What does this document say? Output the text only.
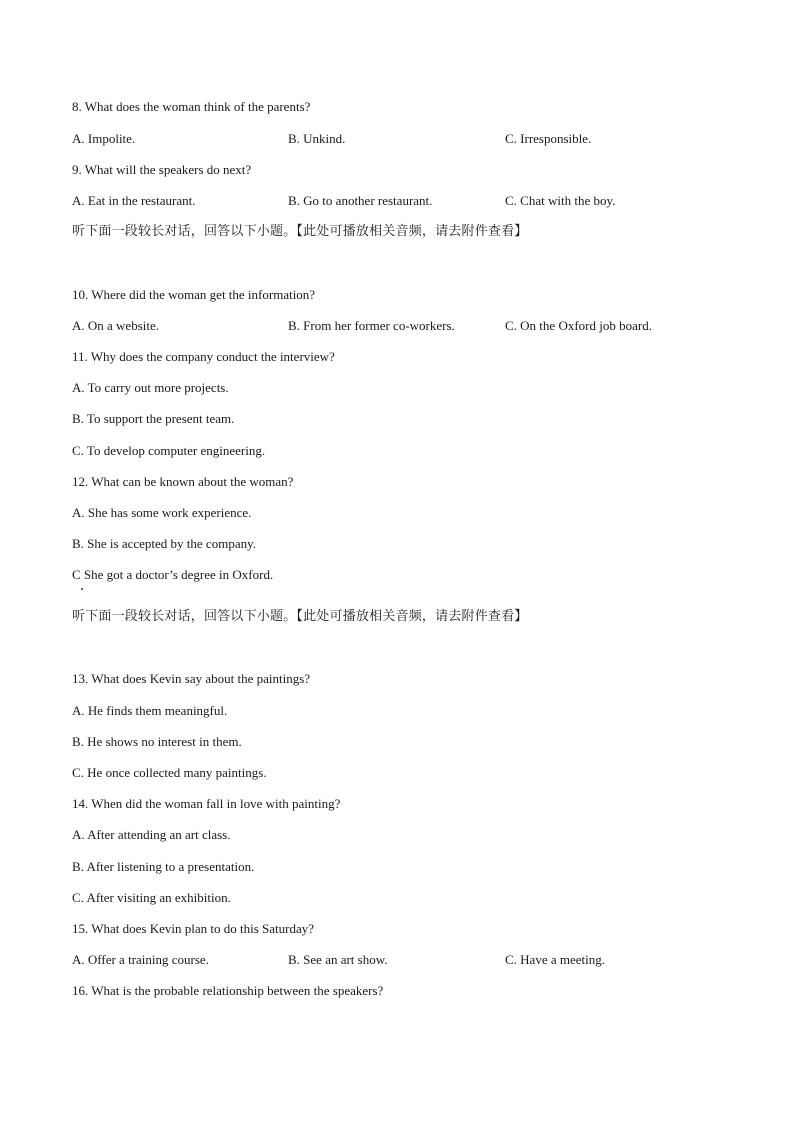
8. What does the woman think of the parents?
A. Impolite.	B. Unkind.	C. Irresponsible.
9. What will the speakers do next?
A. Eat in the restaurant.	B. Go to another restaurant.	C. Chat with the boy.
听下面一段较长对话，回答以下小题。【此处可播放相关音频，请去附件查看】
10. Where did the woman get the information?
A. On a website.	B. From her former co-workers.	C. On the Oxford job board.
11. Why does the company conduct the interview?
A. To carry out more projects.
B. To support the present team.
C. To develop computer engineering.
12. What can be known about the woman?
A. She has some work experience.
B. She is accepted by the company.
C She got a doctor’s degree in Oxford.
听下面一段较长对话，回答以下小题。【此处可播放相关音频，请去附件查看】
13. What does Kevin say about the paintings?
A. He finds them meaningful.
B. He shows no interest in them.
C. He once collected many paintings.
14. When did the woman fall in love with painting?
A. After attending an art class.
B. After listening to a presentation.
C. After visiting an exhibition.
15. What does Kevin plan to do this Saturday?
A. Offer a training course.	B. See an art show.	C. Have a meeting.
16. What is the probable relationship between the speakers?
